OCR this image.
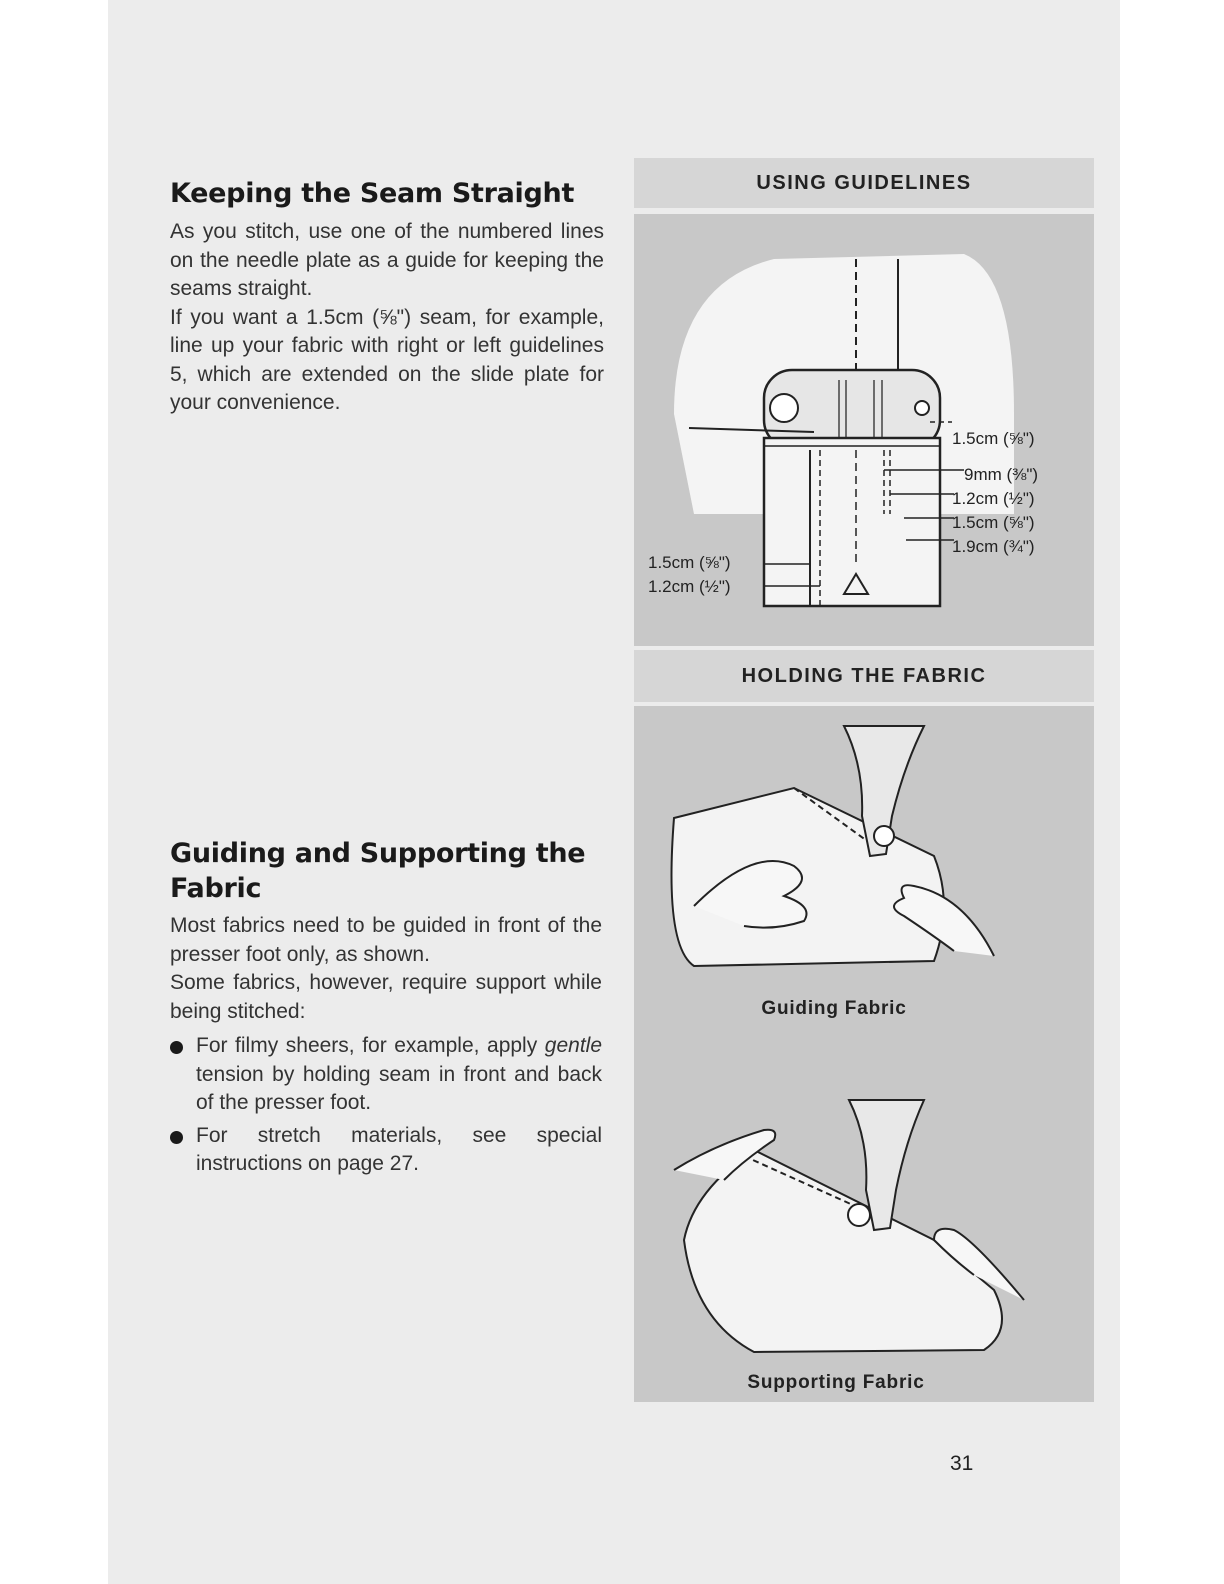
Keeping the Seam Straight

As you stitch, use one of the numbered lines on the needle plate as a guide for keeping the seams straight.

If you want a 1.5cm (⅝") seam, for example, line up your fabric with right or left guidelines 5, which are extended on the slide plate for your convenience.

Guiding and Supporting the
Fabric

Most fabrics need to be guided in front of the presser foot only, as shown.

Some fabrics, however, require support while being stitched:

For filmy sheers, for example, apply gentle tension by holding seam in front and back of the presser foot.
For stretch materials, see special instructions on page 27.
USING GUIDELINES
1.5cm (⅝")
9mm (⅜")
1.2cm (½")
1.5cm (⅝")
1.9cm (¾")
1.5cm (⅝")
1.2cm (½")
HOLDING THE FABRIC
Guiding Fabric
Supporting Fabric
31
